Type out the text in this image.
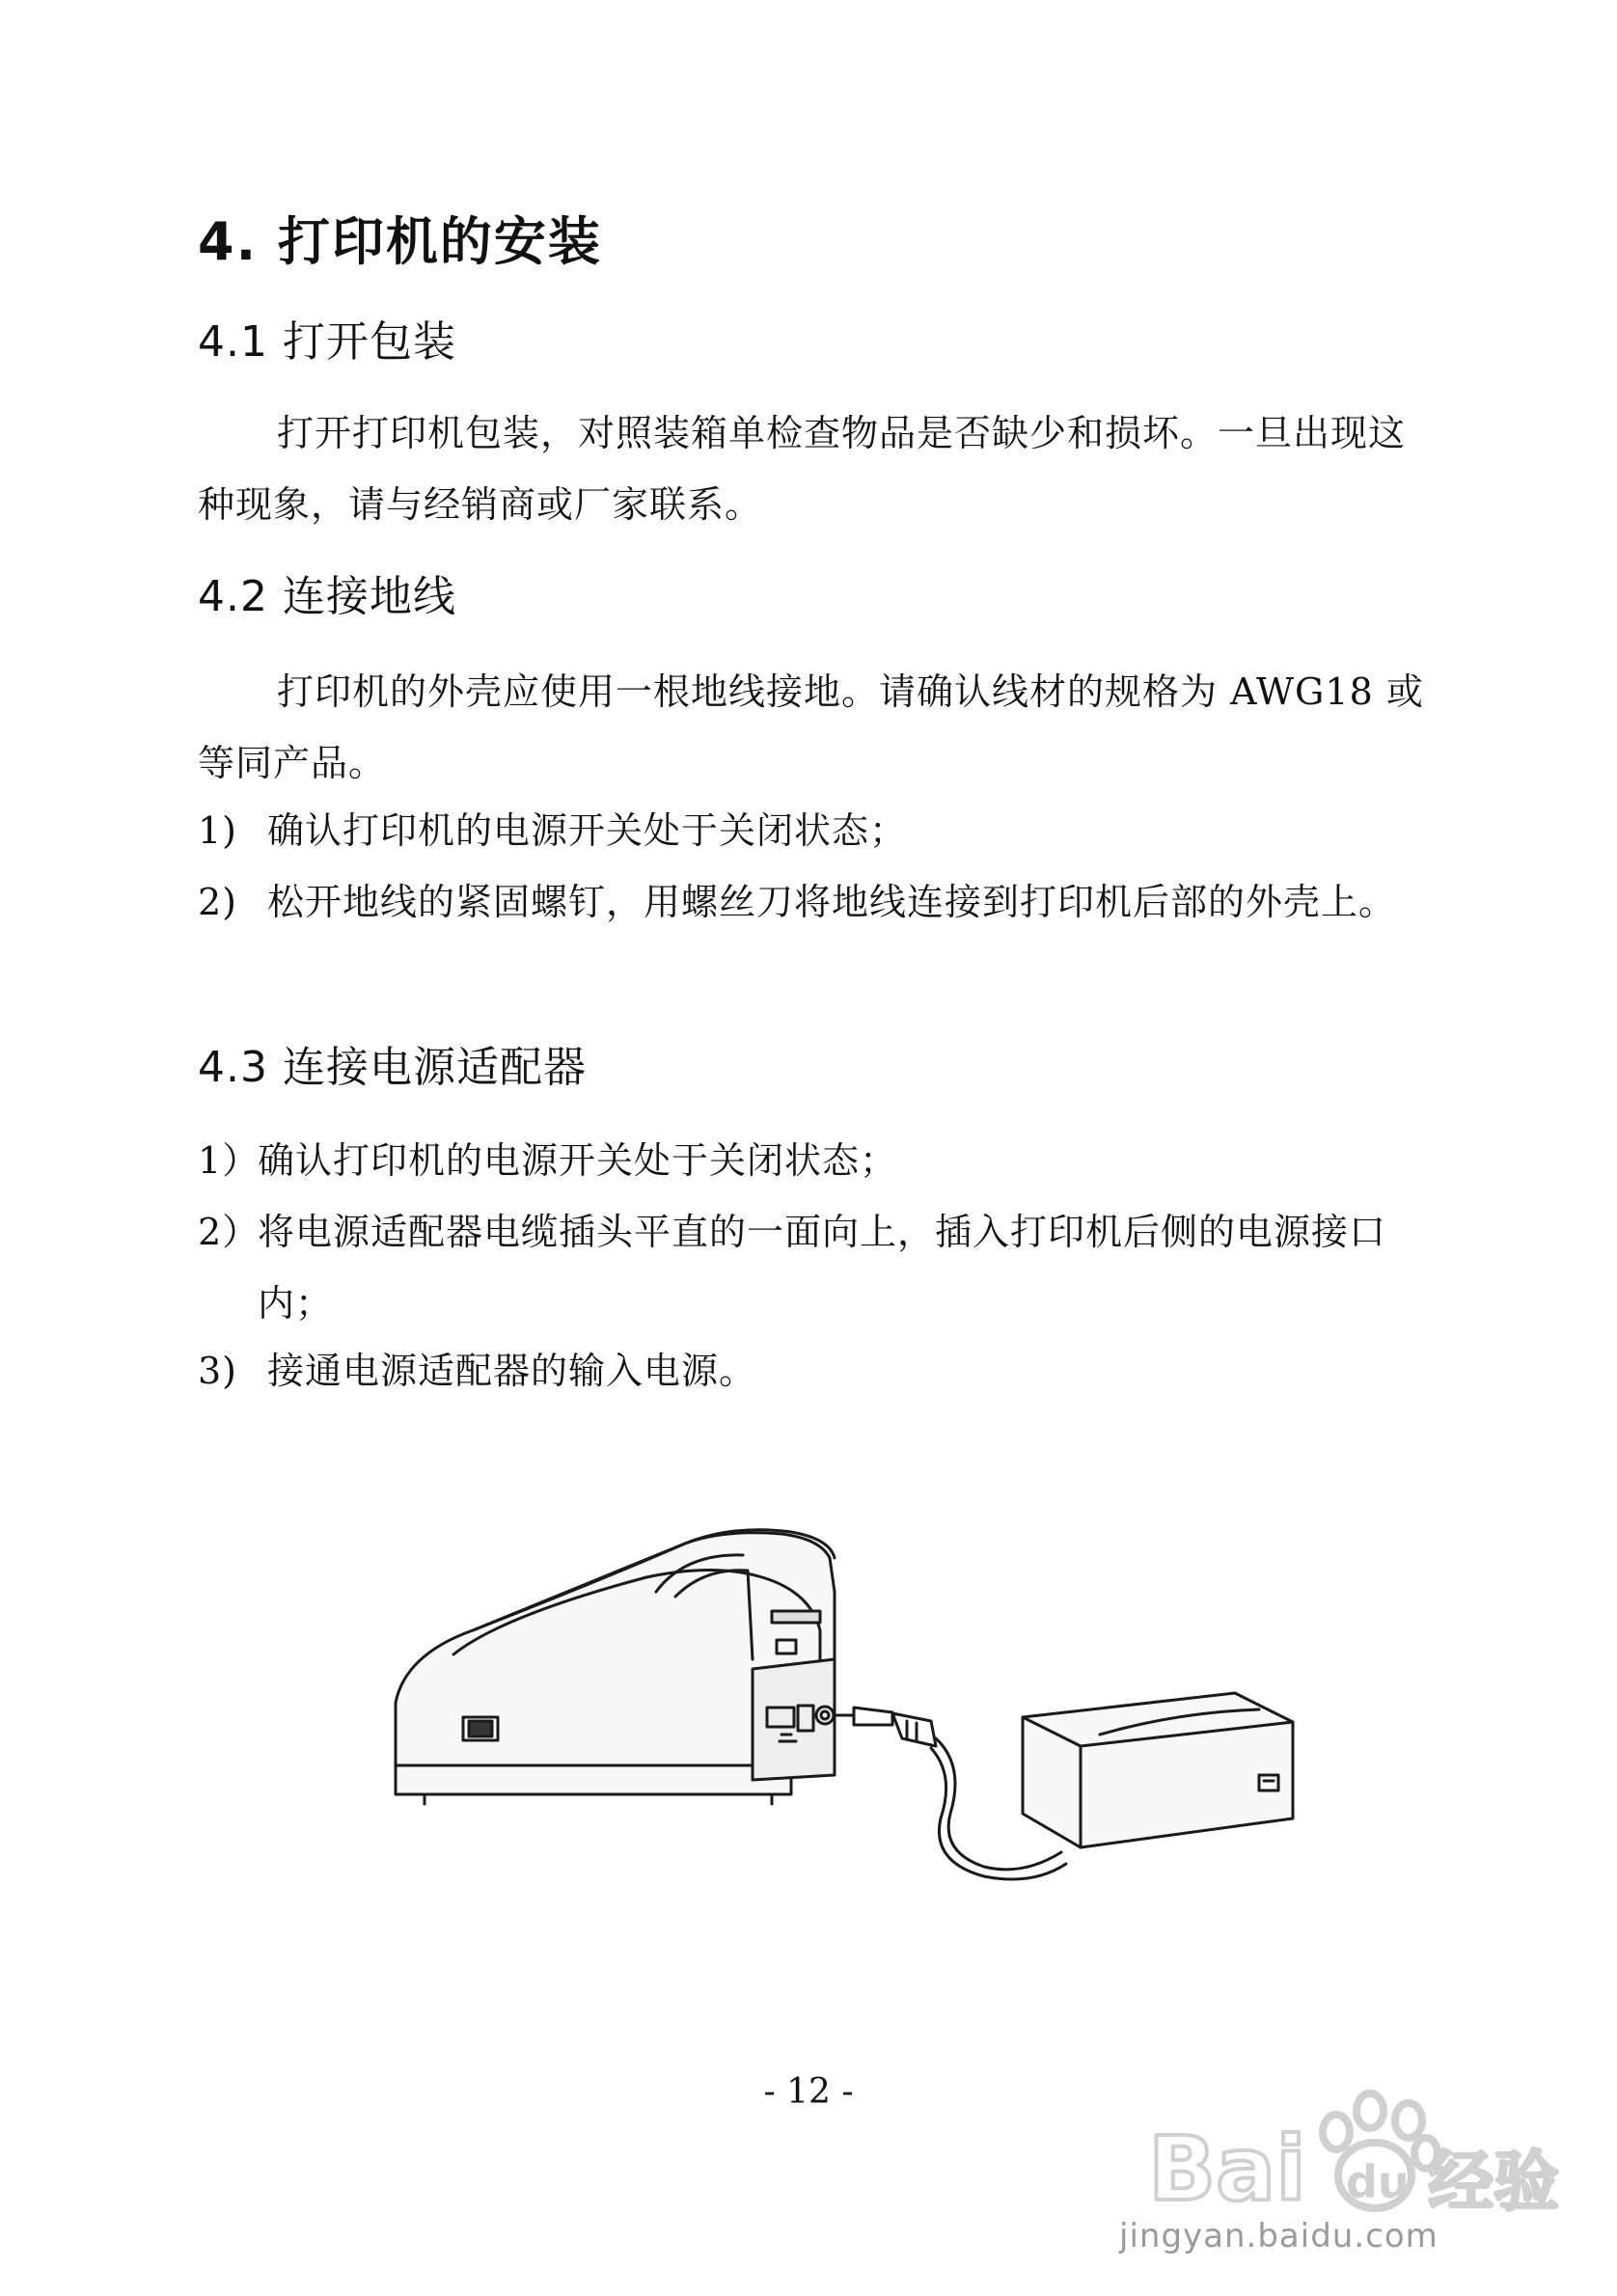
4. 打印机的安装
4.1 打开包装
打开打印机包装，对照装箱单检查物品是否缺少和损坏。一旦出现这种现象，请与经销商或厂家联系。
4.2 连接地线
打印机的外壳应使用一根地线接地。请确认线材的规格为 AWG18 或等同产品。
1) 确认打印机的电源开关处于关闭状态；
2) 松开地线的紧固螺钉，用螺丝刀将地线连接到打印机后部的外壳上。
4.3 连接电源适配器
1）确认打印机的电源开关处于关闭状态；
2）将电源适配器电缆插头平直的一面向上，插入打印机后侧的电源接口内；
3) 接通电源适配器的输入电源。
- 12 -
Bai du 经验
jingyan.baidu.com
